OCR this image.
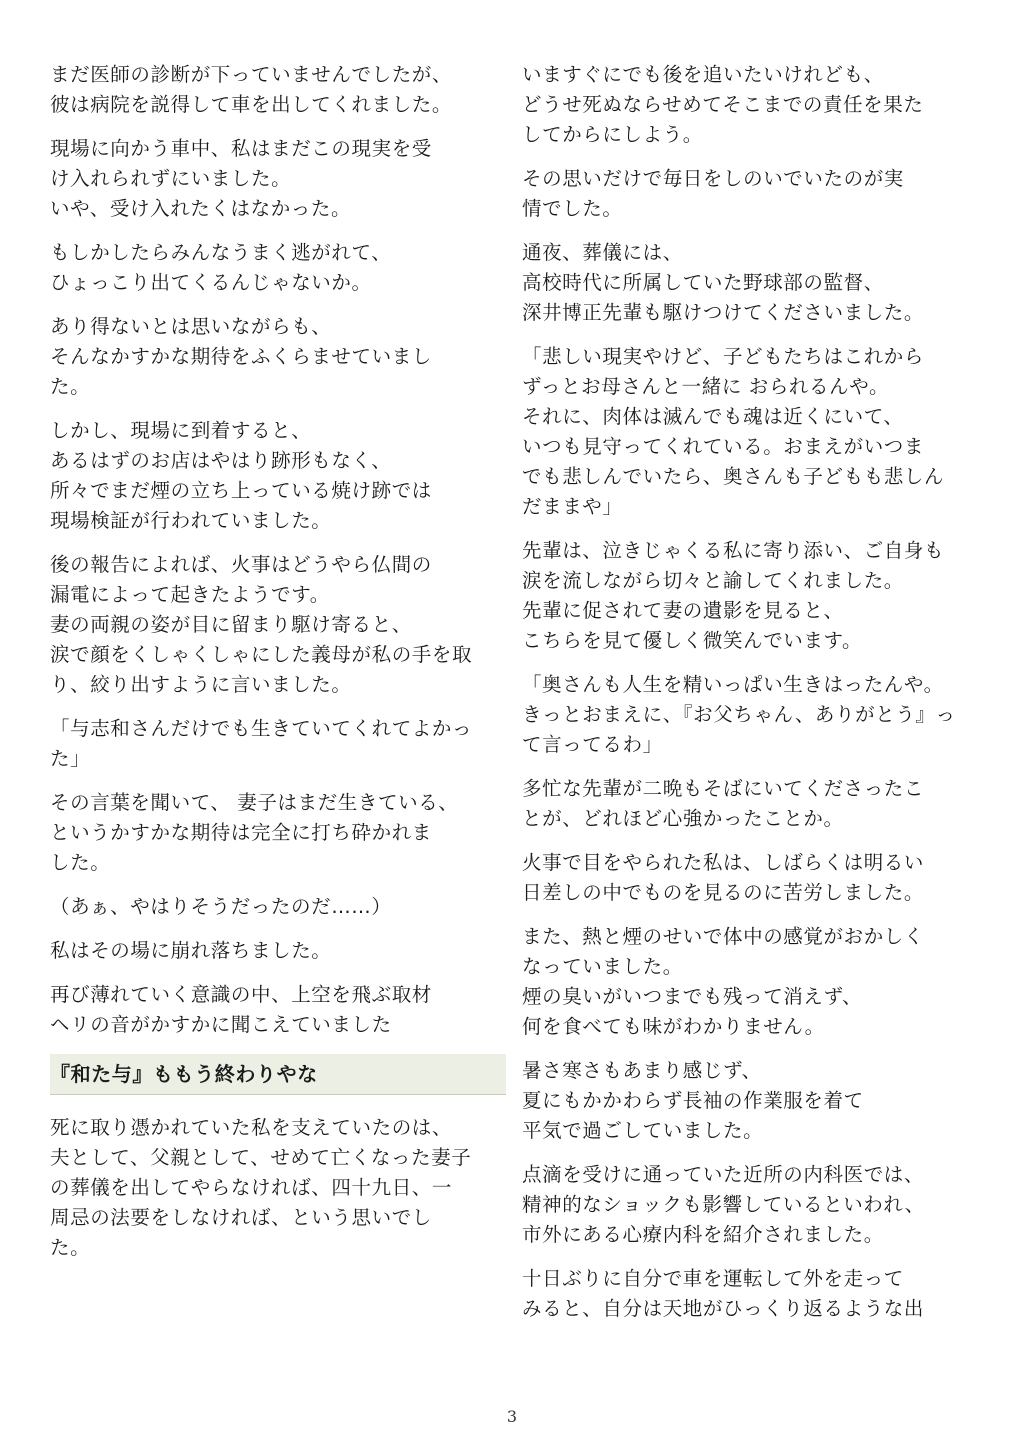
まだ医師の診断が下っていませんでしたが、
彼は病院を説得して車を出してくれました。

現場に向かう車中、私はまだこの現実を受
け入れられずにいました。
いや、受け入れたくはなかった。

もしかしたらみんなうまく逃がれて、
ひょっこり出てくるんじゃないか。

あり得ないとは思いながらも、
そんなかすかな期待をふくらませていまし
た。

しかし、現場に到着すると、
あるはずのお店はやはり跡形もなく、
所々でまだ煙の立ち上っている焼け跡では
現場検証が行われていました。

後の報告によれば、火事はどうやら仏間の
漏電によって起きたようです。
妻の両親の姿が目に留まり駆け寄ると、
涙で顔をくしゃくしゃにした義母が私の手を取
り、絞り出すように言いました。

「与志和さんだけでも生きていてくれてよかっ
た」

その言葉を聞いて、 妻子はまだ生きている、
というかすかな期待は完全に打ち砕かれま
した。

（あぁ、やはりそうだったのだ……）

私はその場に崩れ落ちました。

再び薄れていく意識の中、上空を飛ぶ取材
ヘリの音がかすかに聞こえていました

『和た与』ももう終わりやな

死に取り憑かれていた私を支えていたのは、
夫として、父親として、せめて亡くなった妻子
の葬儀を出してやらなければ、四十九日、一
周忌の法要をしなければ、という思いでし
た。

いますぐにでも後を追いたいけれども、
どうせ死ぬならせめてそこまでの責任を果た
してからにしよう。

その思いだけで毎日をしのいでいたのが実
情でした。

通夜、葬儀には、
高校時代に所属していた野球部の監督、
深井博正先輩も駆けつけてくださいました。

「悲しい現実やけど、子どもたちはこれから
ずっとお母さんと一緒に おられるんや。
それに、肉体は滅んでも魂は近くにいて、
いつも見守ってくれている。おまえがいつま
でも悲しんでいたら、奥さんも子どもも悲しん
だままや」

先輩は、泣きじゃくる私に寄り添い、ご自身も
涙を流しながら切々と諭してくれました。
先輩に促されて妻の遺影を見ると、
こちらを見て優しく微笑んでいます。

「奥さんも人生を精いっぱい生きはったんや。
きっとおまえに、『お父ちゃん、ありがとう』っ
て言ってるわ」

多忙な先輩が二晩もそばにいてくださったこ
とが、どれほど心強かったことか。

火事で目をやられた私は、しばらくは明るい
日差しの中でものを見るのに苦労しました。

また、熱と煙のせいで体中の感覚がおかしく
なっていました。
煙の臭いがいつまでも残って消えず、
何を食べても味がわかりません。

暑さ寒さもあまり感じず、
夏にもかかわらず長袖の作業服を着て
平気で過ごしていました。

点滴を受けに通っていた近所の内科医では、
精神的なショックも影響しているといわれ、
市外にある心療内科を紹介されました。

十日ぶりに自分で車を運転して外を走って
みると、自分は天地がひっくり返るような出

3
